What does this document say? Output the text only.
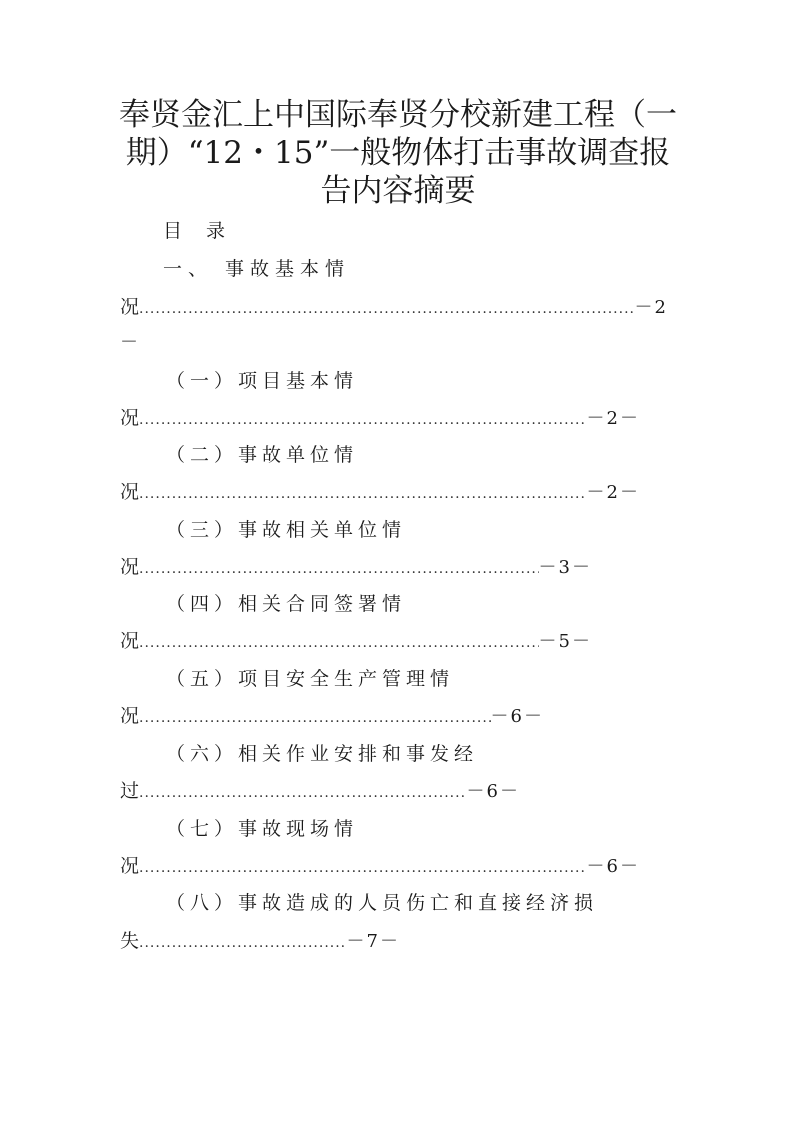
奉贤金汇上中国际奉贤分校新建工程（一
期）“12・15”一般物体打击事故调查报
告内容摘要
目 录
一、 事故基本情
况 .....	－2
－
（一）项目基本情
况 .....	－2－
（二）事故单位情
况 .....	－2－
（三）事故相关单位情
况 .....	－3－
（四）相关合同签署情
况 .....	－5－
（五）项目安全生产管理情
况 .....	－6－
（六）相关作业安排和事发经
过 .....	－6－
（七）事故现场情
况 .....	－6－
（八）事故造成的人员伤亡和直接经济损
失 .....	－7－
